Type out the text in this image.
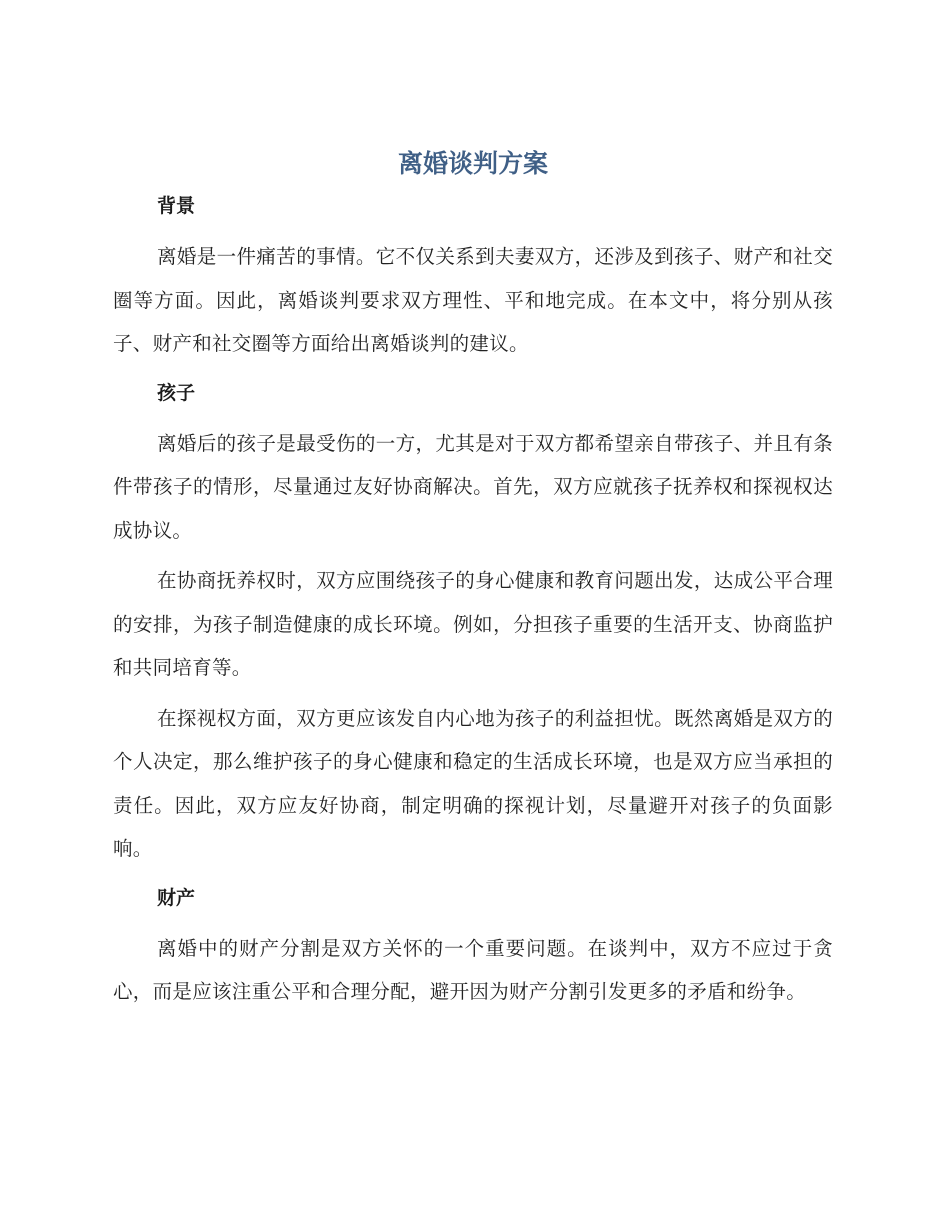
离婚谈判方案
背景

离婚是一件痛苦的事情。它不仅关系到夫妻双方，还涉及到孩子、财产和社交圈等方面。因此，离婚谈判要求双方理性、平和地完成。在本文中，将分别从孩子、财产和社交圈等方面给出离婚谈判的建议。

孩子

离婚后的孩子是最受伤的一方，尤其是对于双方都希望亲自带孩子、并且有条件带孩子的情形，尽量通过友好协商解决。首先，双方应就孩子抚养权和探视权达成协议。

在协商抚养权时，双方应围绕孩子的身心健康和教育问题出发，达成公平合理的安排，为孩子制造健康的成长环境。例如，分担孩子重要的生活开支、协商监护和共同培育等。

在探视权方面，双方更应该发自内心地为孩子的利益担忧。既然离婚是双方的个人决定，那么维护孩子的身心健康和稳定的生活成长环境，也是双方应当承担的责任。因此，双方应友好协商，制定明确的探视计划，尽量避开对孩子的负面影响。

财产

离婚中的财产分割是双方关怀的一个重要问题。在谈判中，双方不应过于贪心，而是应该注重公平和合理分配，避开因为财产分割引发更多的矛盾和纷争。
